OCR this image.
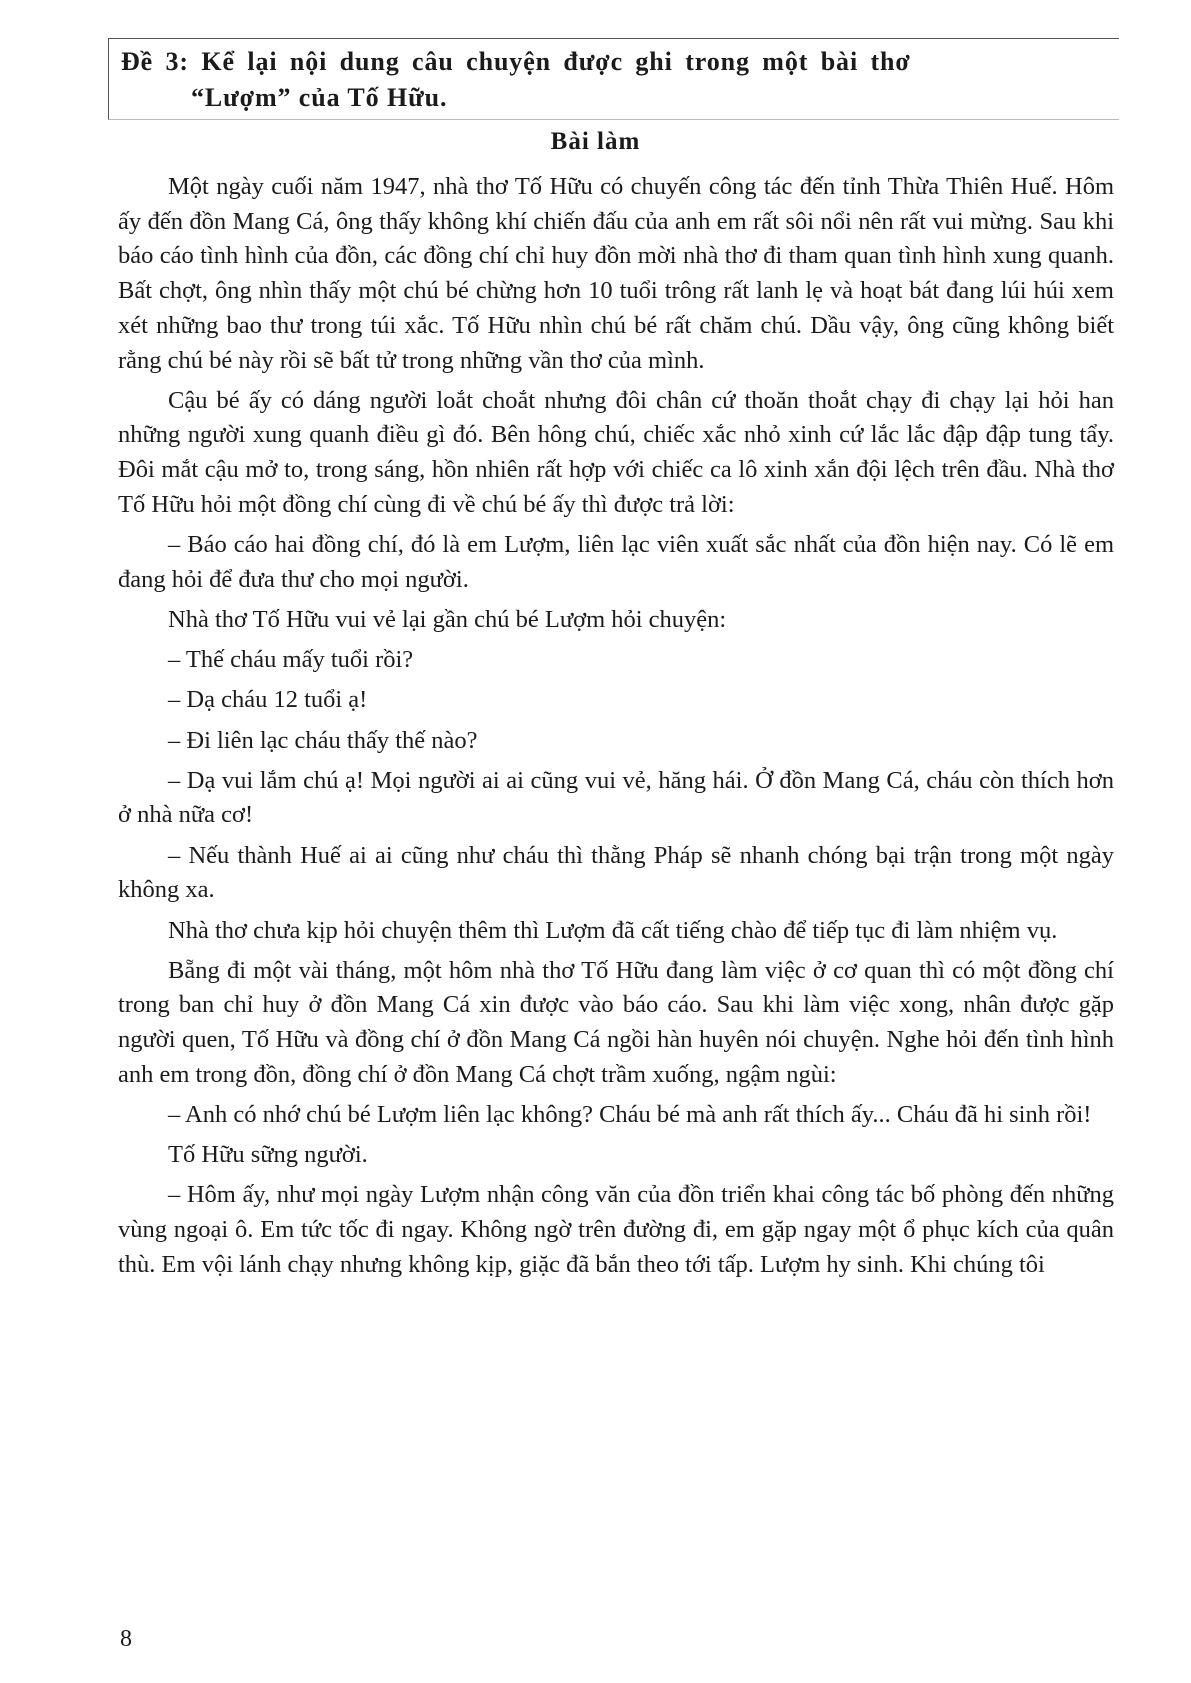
Đề 3: Kể lại nội dung câu chuyện được ghi trong một bài thơ
“Lượm” của Tố Hữu.
Bài làm

Một ngày cuối năm 1947, nhà thơ Tố Hữu có chuyến công tác đến tỉnh Thừa Thiên Huế. Hôm ấy đến đồn Mang Cá, ông thấy không khí chiến đấu của anh em rất sôi nổi nên rất vui mừng. Sau khi báo cáo tình hình của đồn, các đồng chí chỉ huy đồn mời nhà thơ đi tham quan tình hình xung quanh. Bất chợt, ông nhìn thấy một chú bé chừng hơn 10 tuổi trông rất lanh lẹ và hoạt bát đang lúi húi xem xét những bao thư trong túi xắc. Tố Hữu nhìn chú bé rất chăm chú. Dầu vậy, ông cũng không biết rằng chú bé này rồi sẽ bất tử trong những vần thơ của mình.

Cậu bé ấy có dáng người loắt choắt nhưng đôi chân cứ thoăn thoắt chạy đi chạy lại hỏi han những người xung quanh điều gì đó. Bên hông chú, chiếc xắc nhỏ xinh cứ lắc lắc đập đập tung tẩy. Đôi mắt cậu mở to, trong sáng, hồn nhiên rất hợp với chiếc ca lô xinh xắn đội lệch trên đầu. Nhà thơ Tố Hữu hỏi một đồng chí cùng đi về chú bé ấy thì được trả lời:

– Báo cáo hai đồng chí, đó là em Lượm, liên lạc viên xuất sắc nhất của đồn hiện nay. Có lẽ em đang hỏi để đưa thư cho mọi người.

Nhà thơ Tố Hữu vui vẻ lại gần chú bé Lượm hỏi chuyện:

– Thế cháu mấy tuổi rồi?

– Dạ cháu 12 tuổi ạ!

– Đi liên lạc cháu thấy thế nào?

– Dạ vui lắm chú ạ! Mọi người ai ai cũng vui vẻ, hăng hái. Ở đồn Mang Cá, cháu còn thích hơn ở nhà nữa cơ!

– Nếu thành Huế ai ai cũng như cháu thì thằng Pháp sẽ nhanh chóng bại trận trong một ngày không xa.

Nhà thơ chưa kịp hỏi chuyện thêm thì Lượm đã cất tiếng chào để tiếp tục đi làm nhiệm vụ.

Bẵng đi một vài tháng, một hôm nhà thơ Tố Hữu đang làm việc ở cơ quan thì có một đồng chí trong ban chỉ huy ở đồn Mang Cá xin được vào báo cáo. Sau khi làm việc xong, nhân được gặp người quen, Tố Hữu và đồng chí ở đồn Mang Cá ngồi hàn huyên nói chuyện. Nghe hỏi đến tình hình anh em trong đồn, đồng chí ở đồn Mang Cá chợt trầm xuống, ngậm ngùi:

– Anh có nhớ chú bé Lượm liên lạc không? Cháu bé mà anh rất thích ấy... Cháu đã hi sinh rồi!

Tố Hữu sững người.

– Hôm ấy, như mọi ngày Lượm nhận công văn của đồn triển khai công tác bố phòng đến những vùng ngoại ô. Em tức tốc đi ngay. Không ngờ trên đường đi, em gặp ngay một ổ phục kích của quân thù. Em vội lánh chạy nhưng không kịp, giặc đã bắn theo tới tấp. Lượm hy sinh. Khi chúng tôi

8
